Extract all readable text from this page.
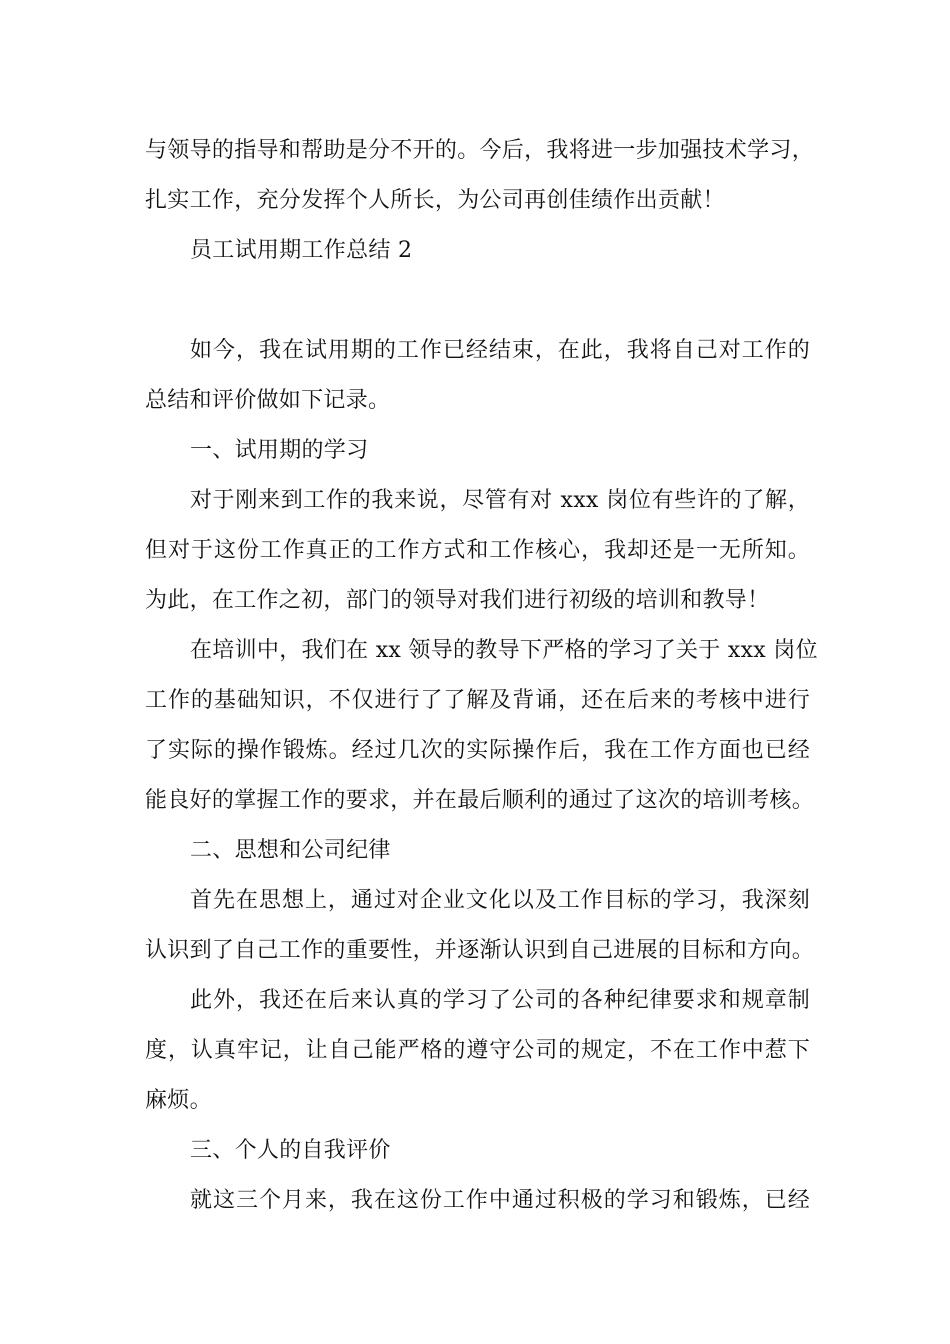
与领导的指导和帮助是分不开的。今后，我将进一步加强技术学习，
扎实工作，充分发挥个人所长，为公司再创佳绩作出贡献！
员工试用期工作总结 2
如今，我在试用期的工作已经结束，在此，我将自己对工作的
总结和评价做如下记录。
一、试用期的学习
对于刚来到工作的我来说，尽管有对 xxx 岗位有些许的了解，
但对于这份工作真正的工作方式和工作核心，我却还是一无所知。
为此，在工作之初，部门的领导对我们进行初级的培训和教导！
在培训中，我们在 xx 领导的教导下严格的学习了关于 xxx 岗位
工作的基础知识，不仅进行了了解及背诵，还在后来的考核中进行
了实际的操作锻炼。经过几次的实际操作后，我在工作方面也已经
能良好的掌握工作的要求，并在最后顺利的通过了这次的培训考核。
二、思想和公司纪律
首先在思想上，通过对企业文化以及工作目标的学习，我深刻
认识到了自己工作的重要性，并逐渐认识到自己进展的目标和方向。
此外，我还在后来认真的学习了公司的各种纪律要求和规章制
度，认真牢记，让自己能严格的遵守公司的规定，不在工作中惹下
麻烦。
三、个人的自我评价
就这三个月来，我在这份工作中通过积极的学习和锻炼，已经
